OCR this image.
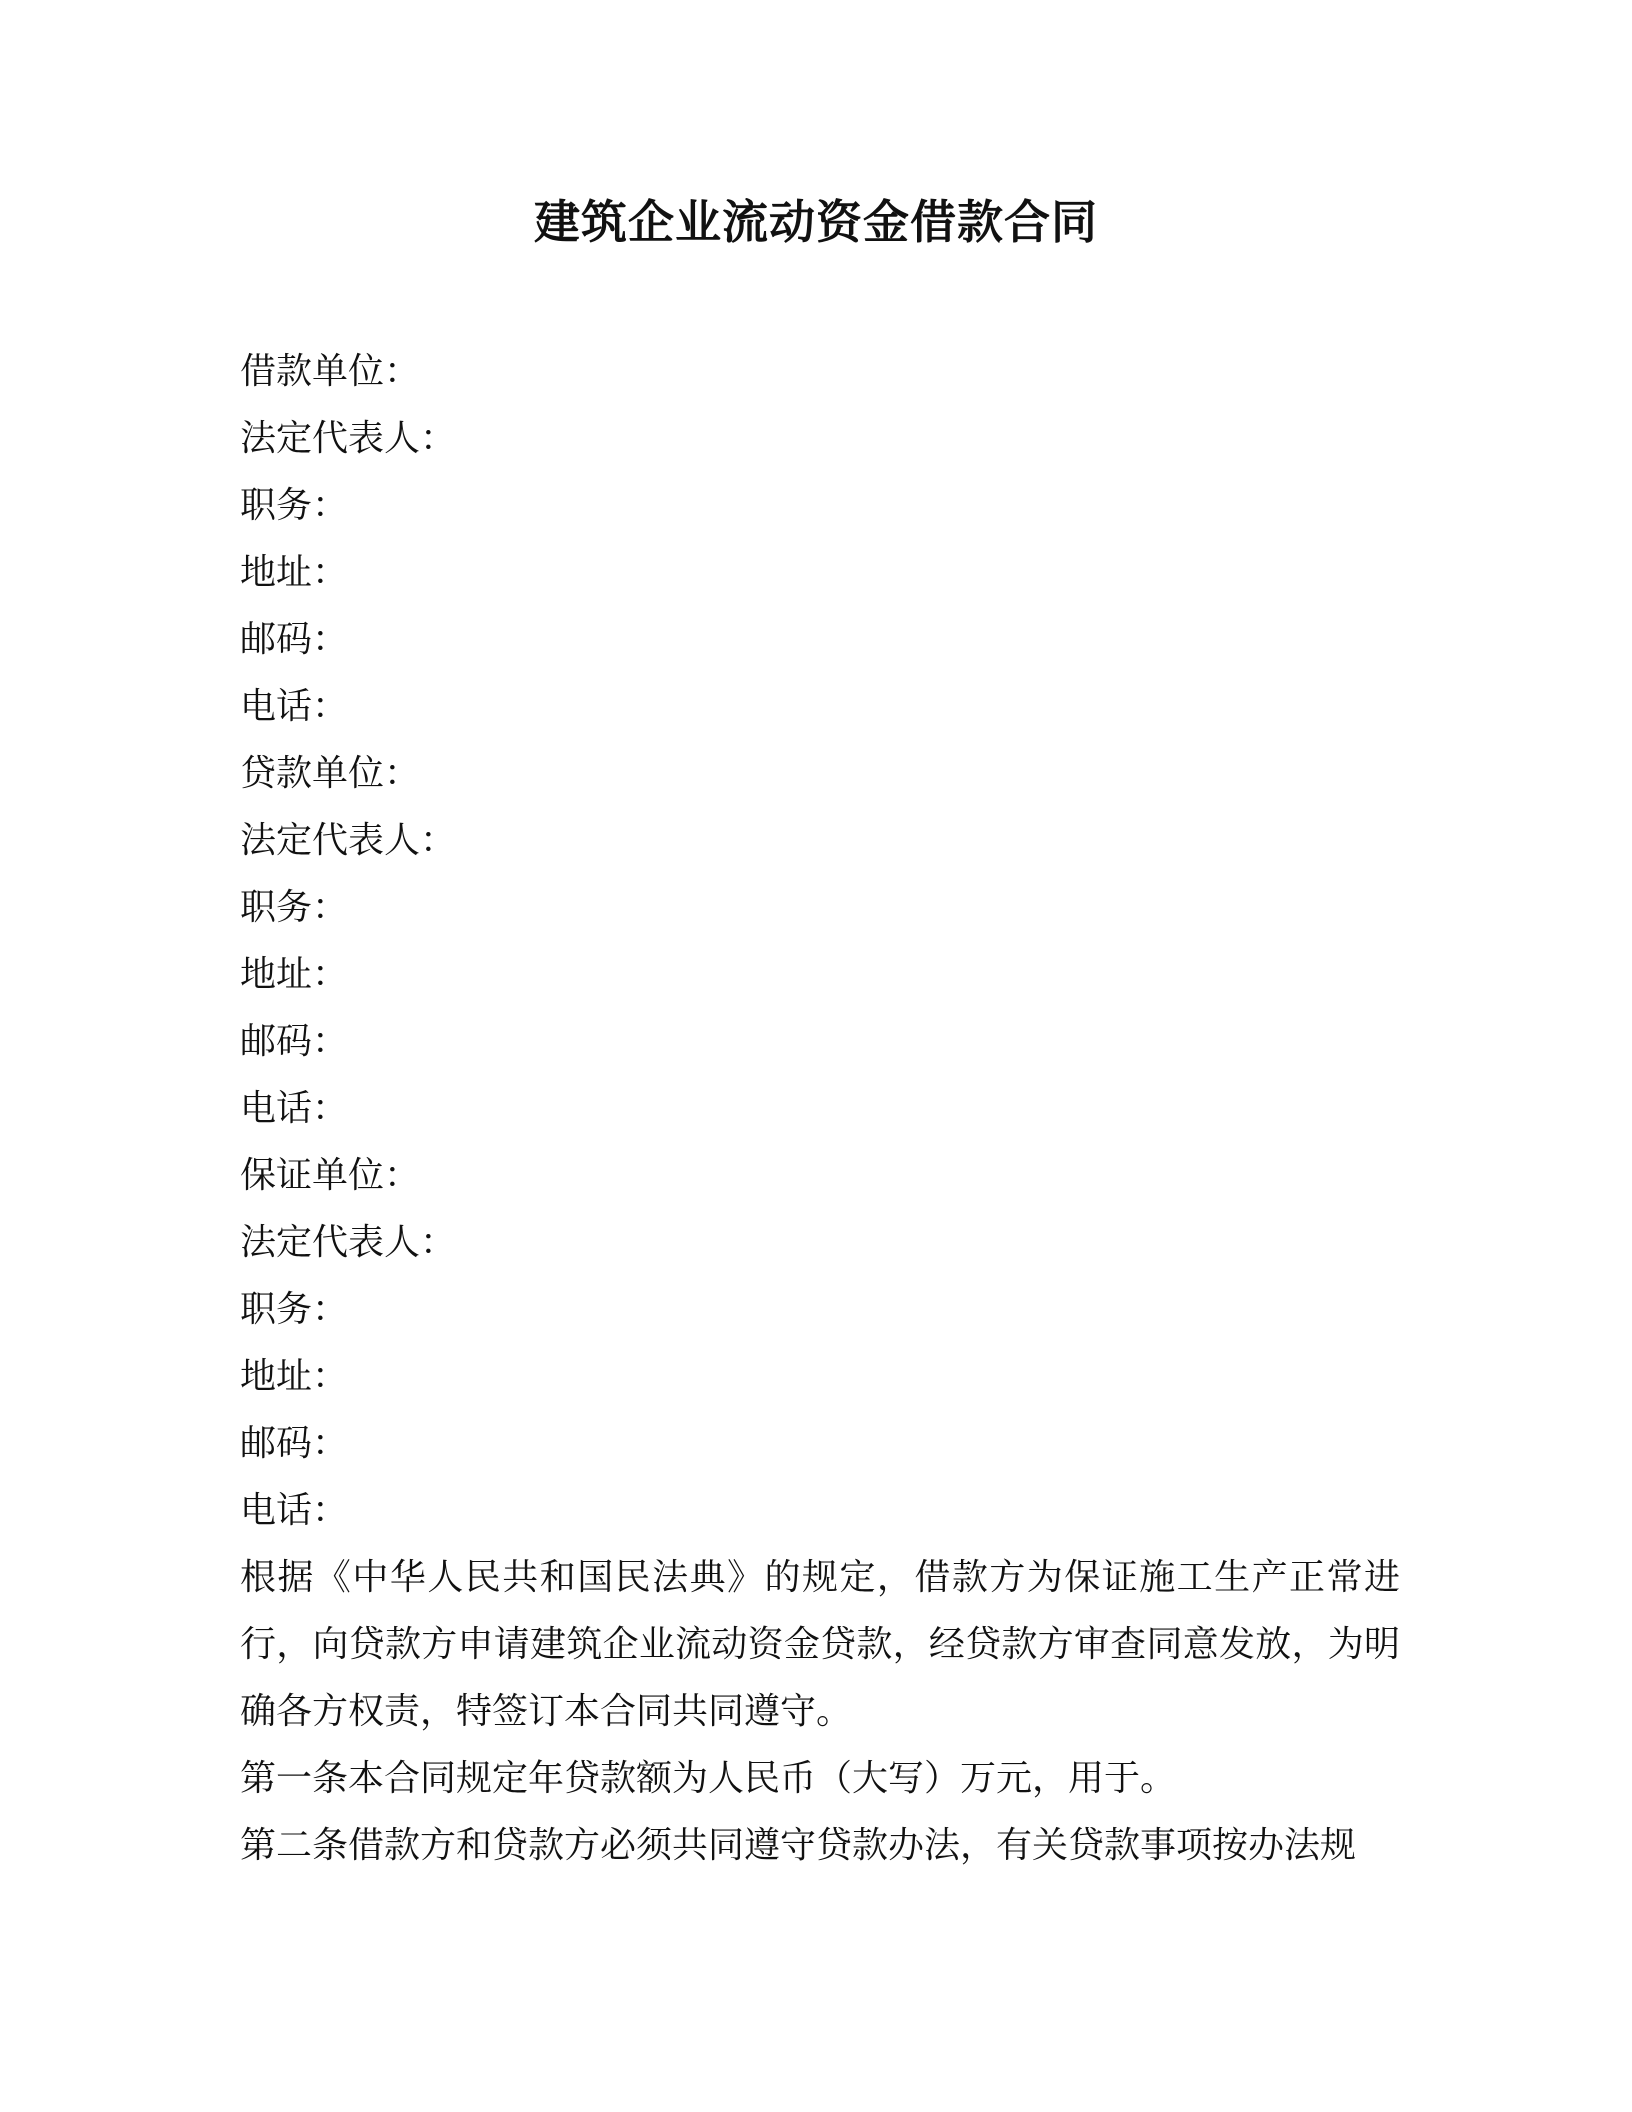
建筑企业流动资金借款合同
借款单位：
法定代表人：
职务：
地址：
邮码：
电话：
贷款单位：
法定代表人：
职务：
地址：
邮码：
电话：
保证单位：
法定代表人：
职务：
地址：
邮码：
电话：

根据《中华人民共和国民法典》的规定，借款方为保证施工生产正常进行，向贷款方申请建筑企业流动资金贷款，经贷款方审查同意发放，为明确各方权责，特签订本合同共同遵守。

第一条本合同规定年贷款额为人民币（大写）万元，用于。

第二条借款方和贷款方必须共同遵守贷款办法，有关贷款事项按办法规
